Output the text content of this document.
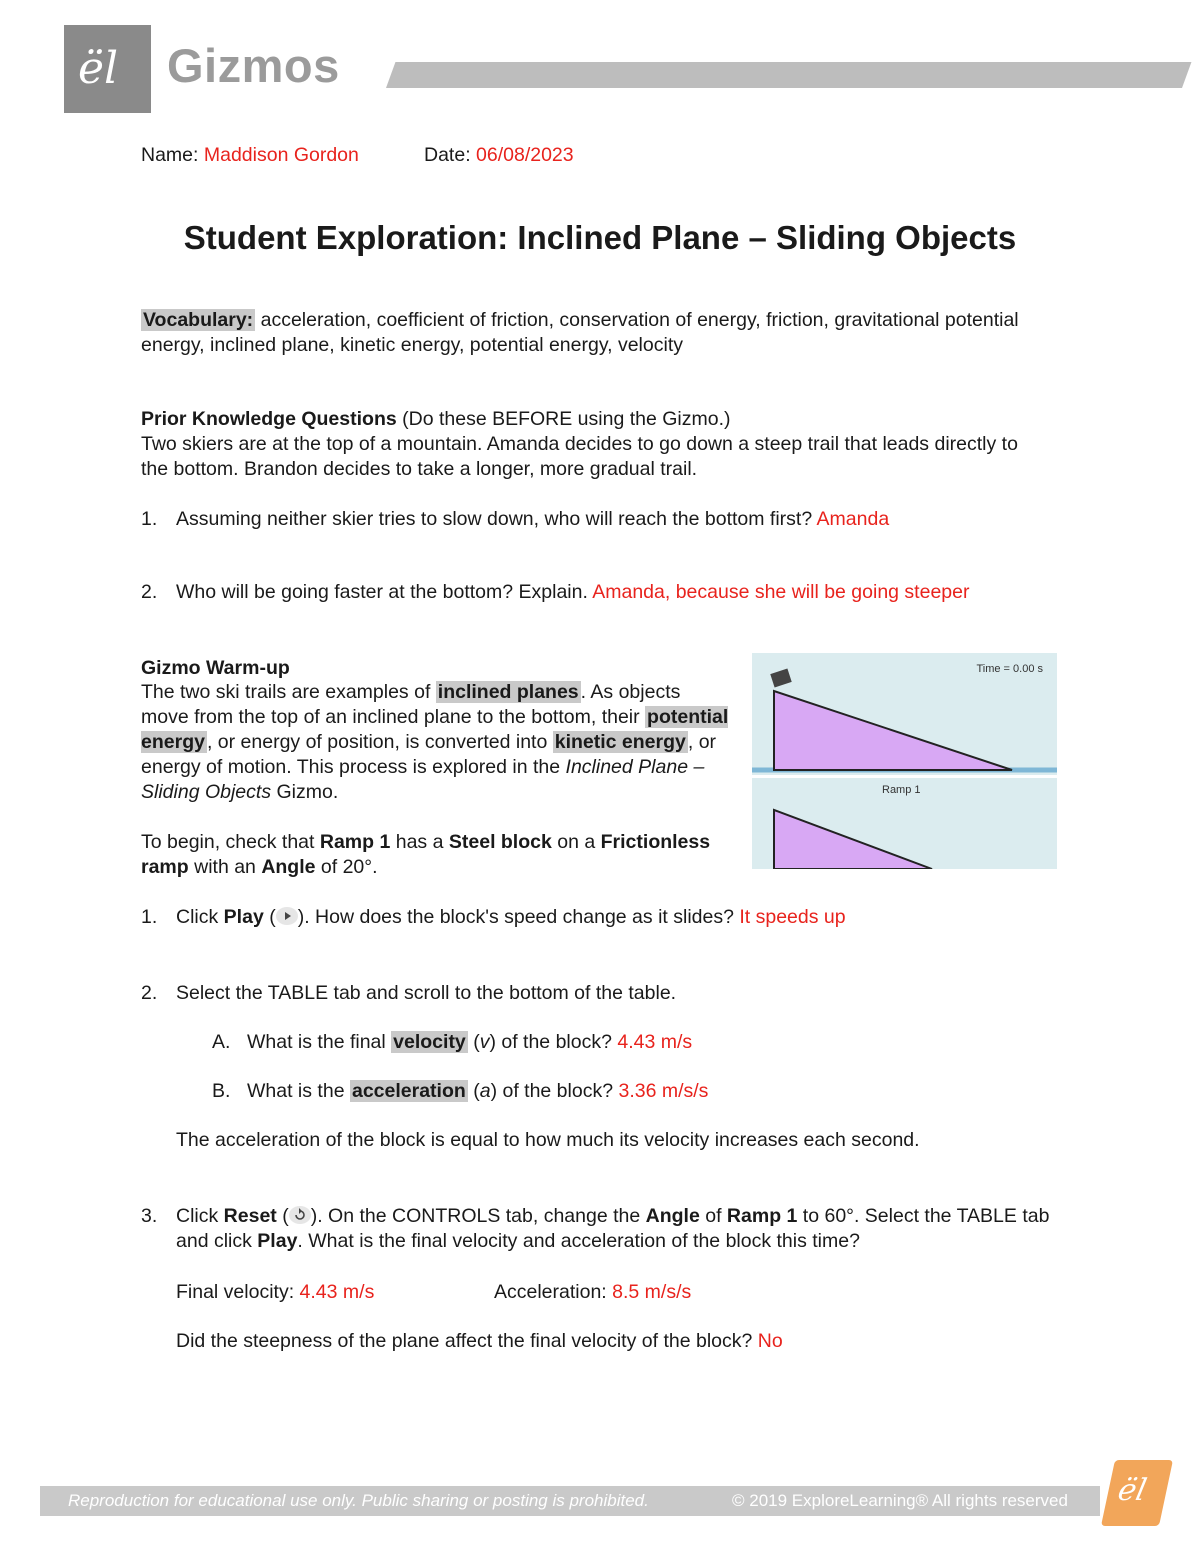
ël Gizmos
Name: Maddison Gordon	Date: 06/08/2023
Student Exploration: Inclined Plane – Sliding Objects

Vocabulary: acceleration, coefficient of friction, conservation of energy, friction, gravitational potential energy, inclined plane, kinetic energy, potential energy, velocity

Prior Knowledge Questions (Do these BEFORE using the Gizmo.)

Two skiers are at the top of a mountain. Amanda decides to go down a steep trail that leads directly to the bottom. Brandon decides to take a longer, more gradual trail.

1. Assuming neither skier tries to slow down, who will reach the bottom first? Amanda

2. Who will be going faster at the bottom? Explain. Amanda, because she will be going steeper

Gizmo Warm-up

The two ski trails are examples of inclined planes . As objects move from the top of an inclined plane to the bottom, their potential energy , or energy of position, is converted into kinetic energy , or energy of motion. This process is explored in the Inclined Plane – Sliding Objects Gizmo.

To begin, check that Ramp 1 has a Steel block on a Frictionless ramp with an Angle of 20°.

Time = 0.00 s
Ramp 1

1. Click Play ( ). How does the block's speed change as it slides? It speeds up

2. Select the TABLE tab and scroll to the bottom of the table.

A. What is the final velocity (v) of the block? 4.43 m/s

B. What is the acceleration (a) of the block? 3.36 m/s/s

The acceleration of the block is equal to how much its velocity increases each second.

3. Click Reset ( ). On the CONTROLS tab, change the Angle of Ramp 1 to 60°. Select the TABLE tab and click Play. What is the final velocity and acceleration of the block this time?

Final velocity: 4.43 m/s	Acceleration: 8.5 m/s/s

Did the steepness of the plane affect the final velocity of the block? No

Reproduction for educational use only. Public sharing or posting is prohibited.	© 2019 ExploreLearning® All rights reserved ël
